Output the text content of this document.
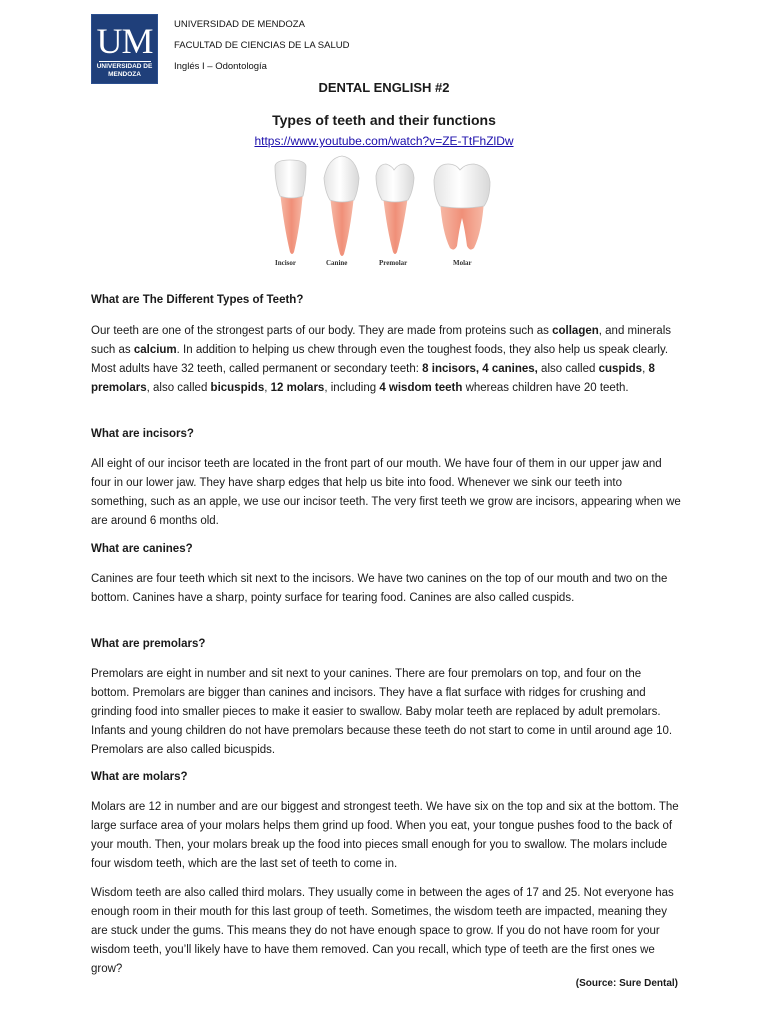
UM
UNIVERSIDAD DE MENDOZA
UNIVERSIDAD DE MENDOZA
FACULTAD DE CIENCIAS DE LA SALUD
Inglés I – Odontología
DENTAL ENGLISH #2
Types of teeth and their functions
https://www.youtube.com/watch?v=ZE-TtFhZlDw
Incisor	Canine	Premolar	Molar
What are The Different Types of Teeth?
Our teeth are one of the strongest parts of our body. They are made from proteins such as collagen, and minerals such as calcium. In addition to helping us chew through even the toughest foods, they also help us speak clearly. Most adults have 32 teeth, called permanent or secondary teeth: 8 incisors, 4 canines, also called cuspids, 8 premolars, also called bicuspids, 12 molars, including 4 wisdom teeth whereas children have 20 teeth.
What are incisors?
All eight of our incisor teeth are located in the front part of our mouth. We have four of them in our upper jaw and four in our lower jaw. They have sharp edges that help us bite into food. Whenever we sink our teeth into something, such as an apple, we use our incisor teeth. The very first teeth we grow are incisors, appearing when we are around 6 months old.
What are canines?
Canines are four teeth which sit next to the incisors. We have two canines on the top of our mouth and two on the bottom. Canines have a sharp, pointy surface for tearing food. Canines are also called cuspids.
What are premolars?
Premolars are eight in number and sit next to your canines. There are four premolars on top, and four on the bottom. Premolars are bigger than canines and incisors. They have a flat surface with ridges for crushing and grinding food into smaller pieces to make it easier to swallow. Baby molar teeth are replaced by adult premolars. Infants and young children do not have premolars because these teeth do not start to come in until around age 10. Premolars are also called bicuspids.
What are molars?
Molars are 12 in number and are our biggest and strongest teeth. We have six on the top and six at the bottom. The large surface area of your molars helps them grind up food. When you eat, your tongue pushes food to the back of your mouth. Then, your molars break up the food into pieces small enough for you to swallow. The molars include four wisdom teeth, which are the last set of teeth to come in.
Wisdom teeth are also called third molars. They usually come in between the ages of 17 and 25. Not everyone has enough room in their mouth for this last group of teeth. Sometimes, the wisdom teeth are impacted, meaning they are stuck under the gums. This means they do not have enough space to grow. If you do not have room for your wisdom teeth, you’ll likely have to have them removed. Can you recall, which type of teeth are the first ones we grow?
(Source: Sure Dental)
